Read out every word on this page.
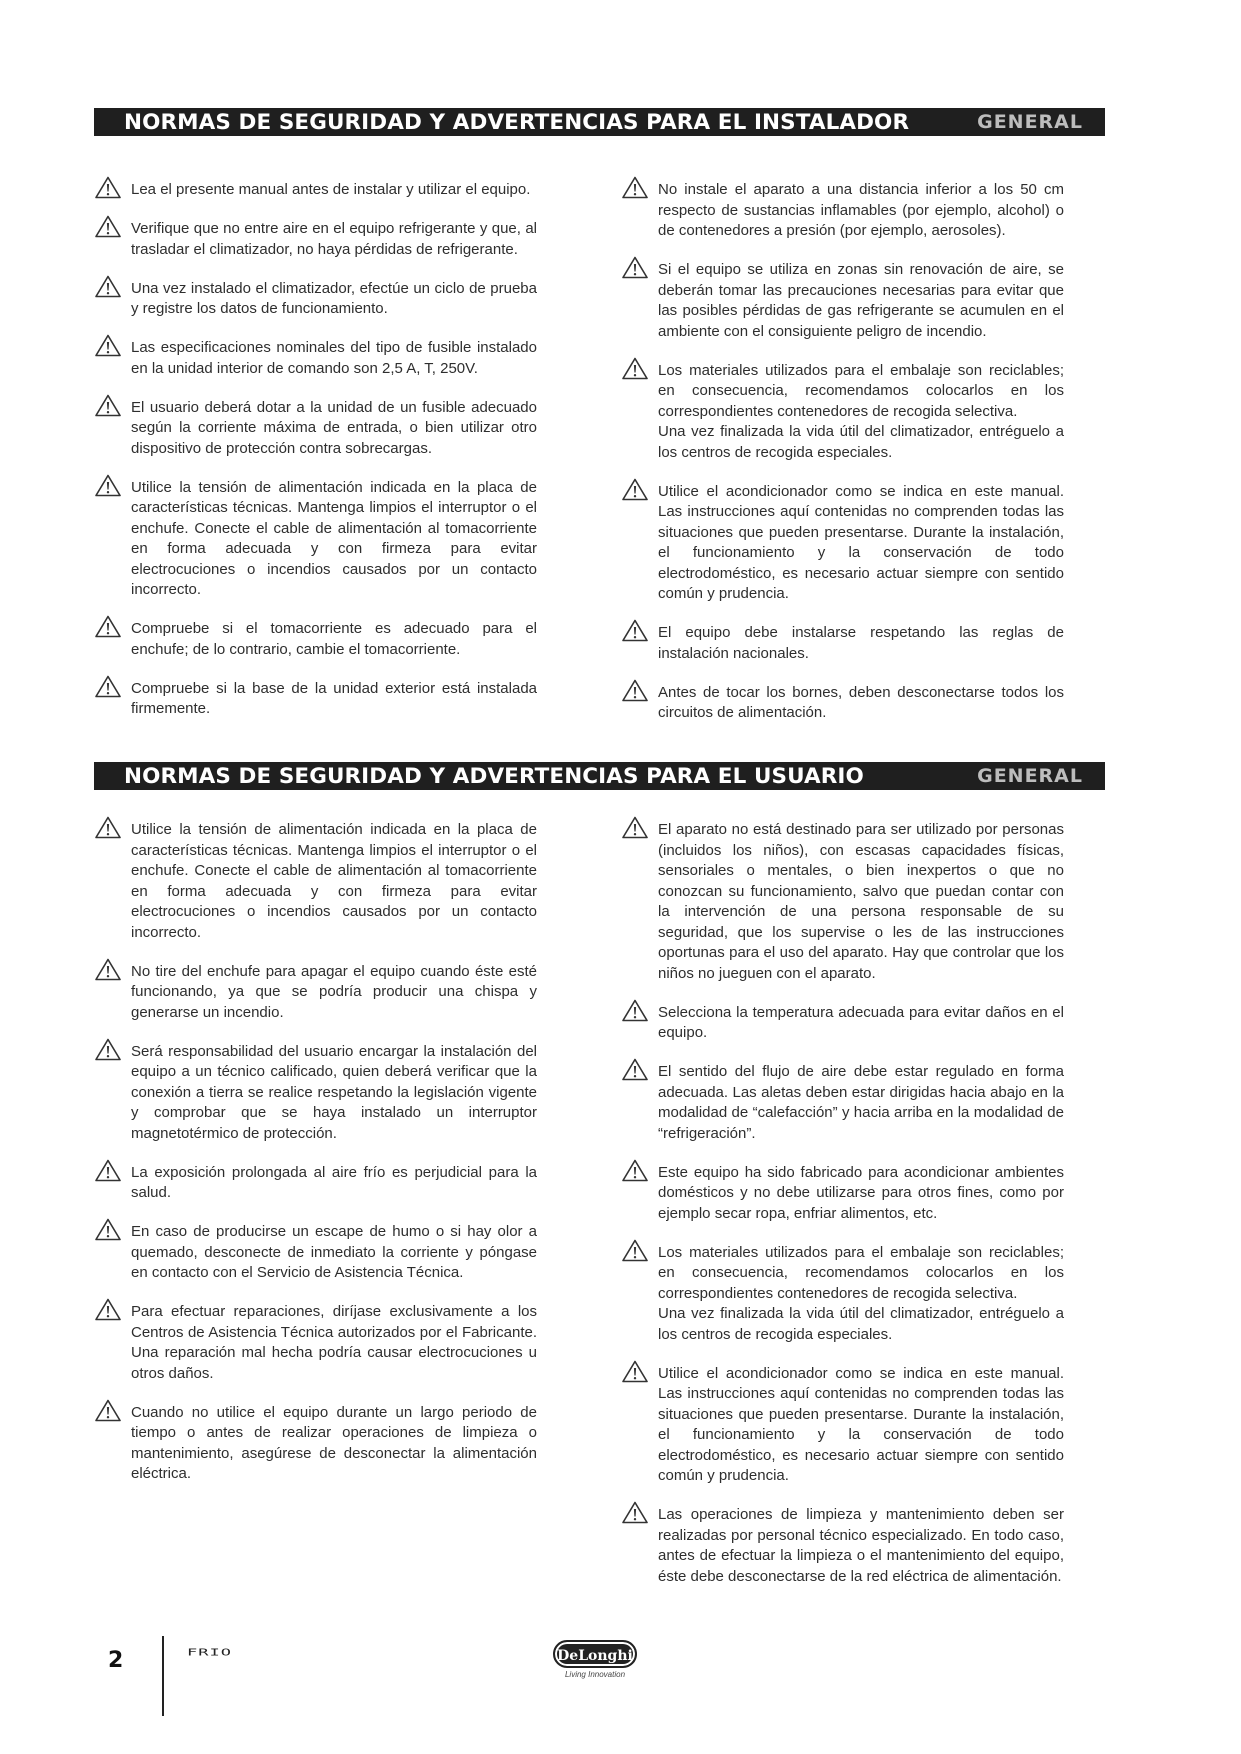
NORMAS DE SEGURIDAD Y ADVERTENCIAS PARA EL INSTALADOR	GENERAL
Lea el presente manual antes de instalar y utilizar el equipo.
Verifique que no entre aire en el equipo refrigerante y que, al trasladar el climatizador, no haya pérdidas de refrigerante.
Una vez instalado el climatizador, efectúe un ciclo de prueba y registre los datos de funcionamiento.
Las especificaciones nominales del tipo de fusible instalado en la unidad interior de comando son 2,5 A, T, 250V.
El usuario deberá dotar a la unidad de un fusible adecuado según la corriente máxima de entrada, o bien utilizar otro dispositivo de protección contra sobrecargas.
Utilice la tensión de alimentación indicada en la placa de características técnicas. Mantenga limpios el interruptor o el enchufe. Conecte el cable de alimentación al tomacorriente en forma adecuada y con firmeza para evitar electrocuciones o incendios causados por un contacto incorrecto.
Compruebe si el tomacorriente es adecuado para el enchufe; de lo contrario, cambie el tomacorriente.
Compruebe si la base de la unidad exterior está instalada firmemente.
No instale el aparato a una distancia inferior a los 50 cm respecto de sustancias inflamables (por ejemplo, alcohol) o de contenedores a presión (por ejemplo, aerosoles).
Si el equipo se utiliza en zonas sin renovación de aire, se deberán tomar las precauciones necesarias para evitar que las posibles pérdidas de gas refrigerante se acumulen en el ambiente con el consiguiente peligro de incendio.
Los materiales utilizados para el embalaje son reciclables; en consecuencia, recomendamos colocarlos en los correspondientes contenedores de recogida selectiva.
Una vez finalizada la vida útil del climatizador, entréguelo a los centros de recogida especiales.
Utilice el acondicionador como se indica en este manual. Las instrucciones aquí contenidas no comprenden todas las situaciones que pueden presentarse. Durante la instalación, el funcionamiento y la conservación de todo electrodoméstico, es necesario actuar siempre con sentido común y prudencia.
El equipo debe instalarse respetando las reglas de instalación nacionales.
Antes de tocar los bornes, deben desconectarse todos los circuitos de alimentación.
NORMAS DE SEGURIDAD Y ADVERTENCIAS PARA EL USUARIO	GENERAL
Utilice la tensión de alimentación indicada en la placa de características técnicas. Mantenga limpios el interruptor o el enchufe. Conecte el cable de alimentación al tomacorriente en forma adecuada y con firmeza para evitar electrocuciones o incendios causados por un contacto incorrecto.
No tire del enchufe para apagar el equipo cuando éste esté funcionando, ya que se podría producir una chispa y generarse un incendio.
Será responsabilidad del usuario encargar la instalación del equipo a un técnico calificado, quien deberá verificar que la conexión a tierra se realice respetando la legislación vigente y comprobar que se haya instalado un interruptor magnetotérmico de protección.
La exposición prolongada al aire frío es perjudicial para la salud.
En caso de producirse un escape de humo o si hay olor a quemado, desconecte de inmediato la corriente y póngase en contacto con el Servicio de Asistencia Técnica.
Para efectuar reparaciones, diríjase exclusivamente a los Centros de Asistencia Técnica autorizados por el Fabricante. Una reparación mal hecha podría causar electrocuciones u otros daños.
Cuando no utilice el equipo durante un largo periodo de tiempo o antes de realizar operaciones de limpieza o mantenimiento, asegúrese de desconectar la alimentación eléctrica.
El aparato no está destinado para ser utilizado por personas (incluidos los niños), con escasas capacidades físicas, sensoriales o mentales, o bien inexpertos o que no conozcan su funcionamiento, salvo que puedan contar con la intervención de una persona responsable de su seguridad, que los supervise o les de las instrucciones oportunas para el uso del aparato. Hay que controlar que los niños no jueguen con el aparato.
Selecciona la temperatura adecuada para evitar daños en el equipo.
El sentido del flujo de aire debe estar regulado en forma adecuada. Las aletas deben estar dirigidas hacia abajo en la modalidad de “calefacción” y hacia arriba en la modalidad de “refrigeración”.
Este equipo ha sido fabricado para acondicionar ambientes domésticos y no debe utilizarse para otros fines, como por ejemplo secar ropa, enfriar alimentos, etc.
Los materiales utilizados para el embalaje son reciclables; en consecuencia, recomendamos colocarlos en los correspondientes contenedores de recogida selectiva.
Una vez finalizada la vida útil del climatizador, entréguelo a los centros de recogida especiales.
Utilice el acondicionador como se indica en este manual. Las instrucciones aquí contenidas no comprenden todas las situaciones que pueden presentarse. Durante la instalación, el funcionamiento y la conservación de todo electrodoméstico, es necesario actuar siempre con sentido común y prudencia.
Las operaciones de limpieza y mantenimiento deben ser realizadas por personal técnico especializado. En todo caso, antes de efectuar la limpieza o el mantenimiento del equipo, éste debe desconectarse de la red eléctrica de alimentación.
2	FRIO	DeLonghi
Living Innovation
